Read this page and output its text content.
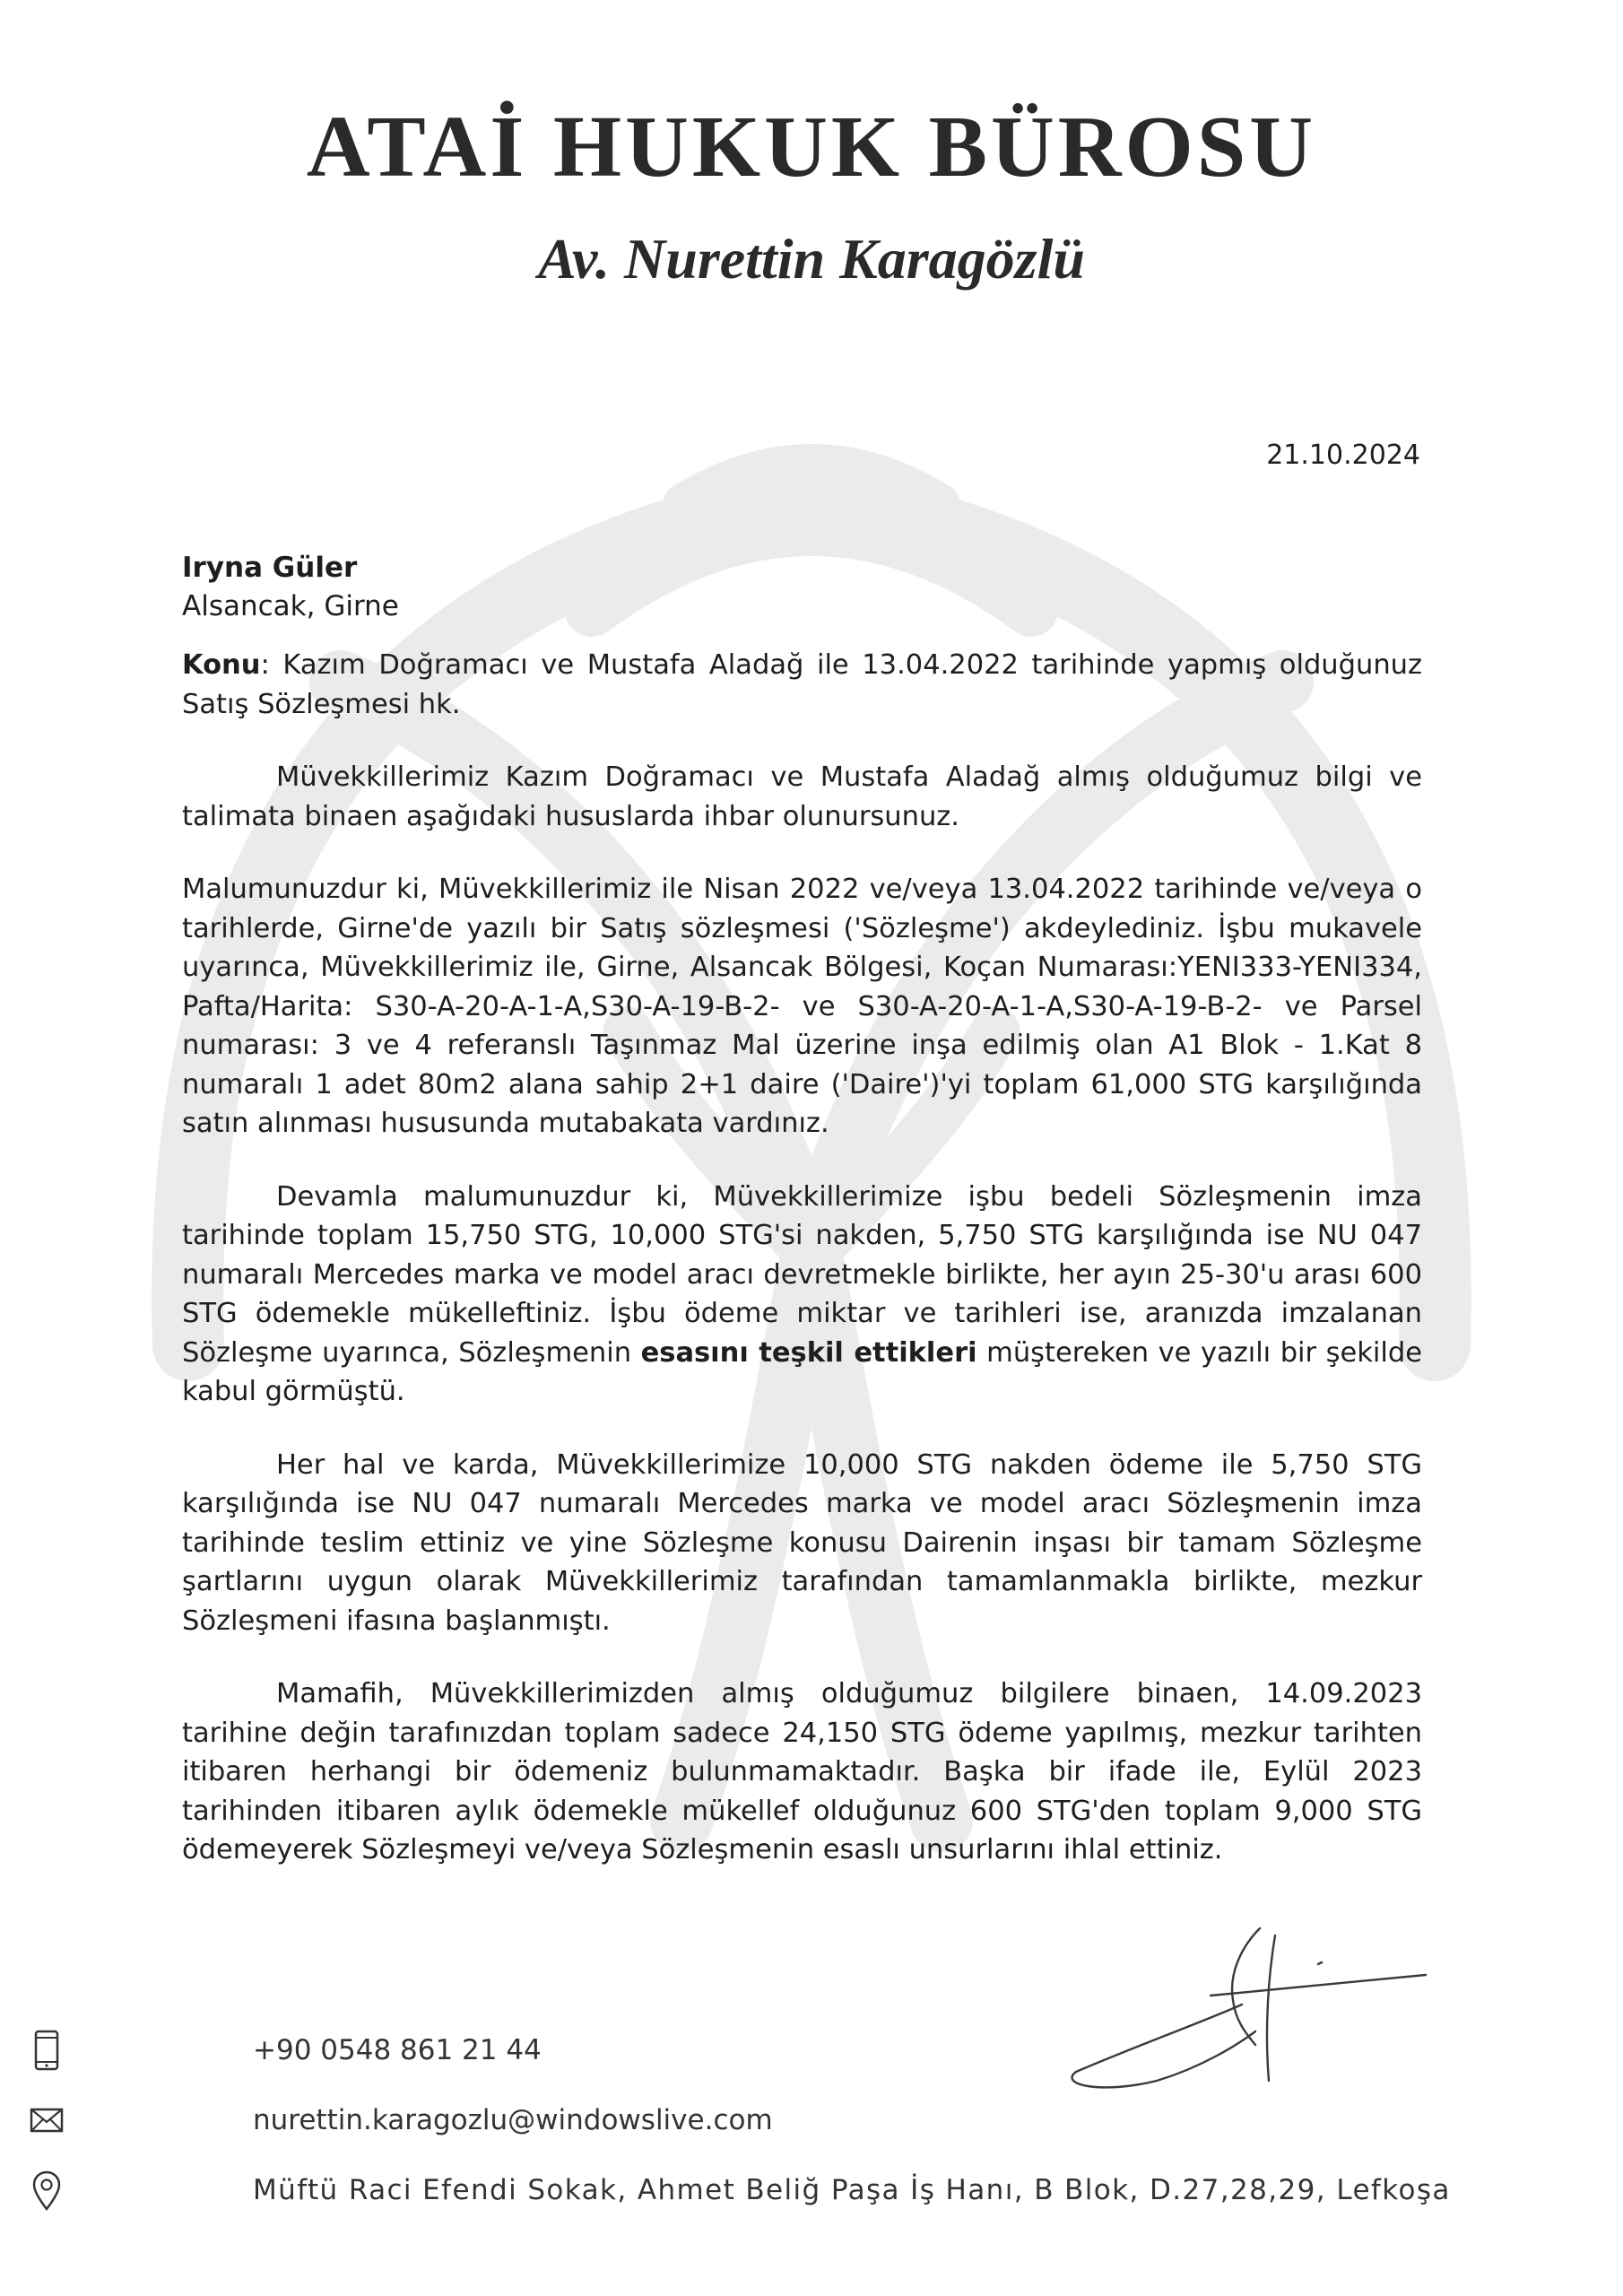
ATAİ HUKUK BÜROSU
Av. Nurettin Karagözlü
21.10.2024
Iryna Güler
Alsancak, Girne

Konu: Kazım Doğramacı ve Mustafa Aladağ ile 13.04.2022 tarihinde yapmış olduğunuz Satış Sözleşmesi hk.

Müvekkillerimiz Kazım Doğramacı ve Mustafa Aladağ almış olduğumuz bilgi ve talimata binaen aşağıdaki hususlarda ihbar olunursunuz.

Malumunuzdur ki, Müvekkillerimiz ile Nisan 2022 ve/veya 13.04.2022 tarihinde ve/veya o tarihlerde, Girne'de yazılı bir Satış sözleşmesi ('Sözleşme') akdeylediniz. İşbu mukavele uyarınca, Müvekkillerimiz ile, Girne, Alsancak Bölgesi, Koçan Numarası:YENI333-YENI334, Pafta/Harita: S30-A-20-A-1-A,S30-A-19-B-2- ve S30-A-20-A-1-A,S30-A-19-B-2- ve Parsel numarası: 3 ve 4 referanslı Taşınmaz Mal üzerine inşa edilmiş olan A1 Blok - 1.Kat 8 numaralı 1 adet 80m2 alana sahip 2+1 daire ('Daire')'yi toplam 61,000 STG karşılığında satın alınması hususunda mutabakata vardınız.

Devamla malumunuzdur ki, Müvekkillerimize işbu bedeli Sözleşmenin imza tarihinde toplam 15,750 STG, 10,000 STG'si nakden, 5,750 STG karşılığında ise NU 047 numaralı Mercedes marka ve model aracı devretmekle birlikte, her ayın 25-30'u arası 600 STG ödemekle mükelleftiniz. İşbu ödeme miktar ve tarihleri ise, aranızda imzalanan Sözleşme uyarınca, Sözleşmenin esasını teşkil ettikleri müştereken ve yazılı bir şekilde kabul görmüştü.

Her hal ve karda, Müvekkillerimize 10,000 STG nakden ödeme ile 5,750 STG karşılığında ise NU 047 numaralı Mercedes marka ve model aracı Sözleşmenin imza tarihinde teslim ettiniz ve yine Sözleşme konusu Dairenin inşası bir tamam Sözleşme şartlarını uygun olarak Müvekkillerimiz tarafından tamamlanmakla birlikte, mezkur Sözleşmeni ifasına başlanmıştı.

Mamafih, Müvekkillerimizden almış olduğumuz bilgilere binaen, 14.09.2023 tarihine değin tarafınızdan toplam sadece 24,150 STG ödeme yapılmış, mezkur tarihten itibaren herhangi bir ödemeniz bulunmamaktadır. Başka bir ifade ile, Eylül 2023 tarihinden itibaren aylık ödemekle mükellef olduğunuz 600 STG'den toplam 9,000 STG ödemeyerek Sözleşmeyi ve/veya Sözleşmenin esaslı unsurlarını ihlal ettiniz.

+90 0548 861 21 44
nurettin.karagozlu@windowslive.com
Müftü Raci Efendi Sokak, Ahmet Beliğ Paşa İş Hanı, B Blok, D.27,28,29, Lefkoşa
